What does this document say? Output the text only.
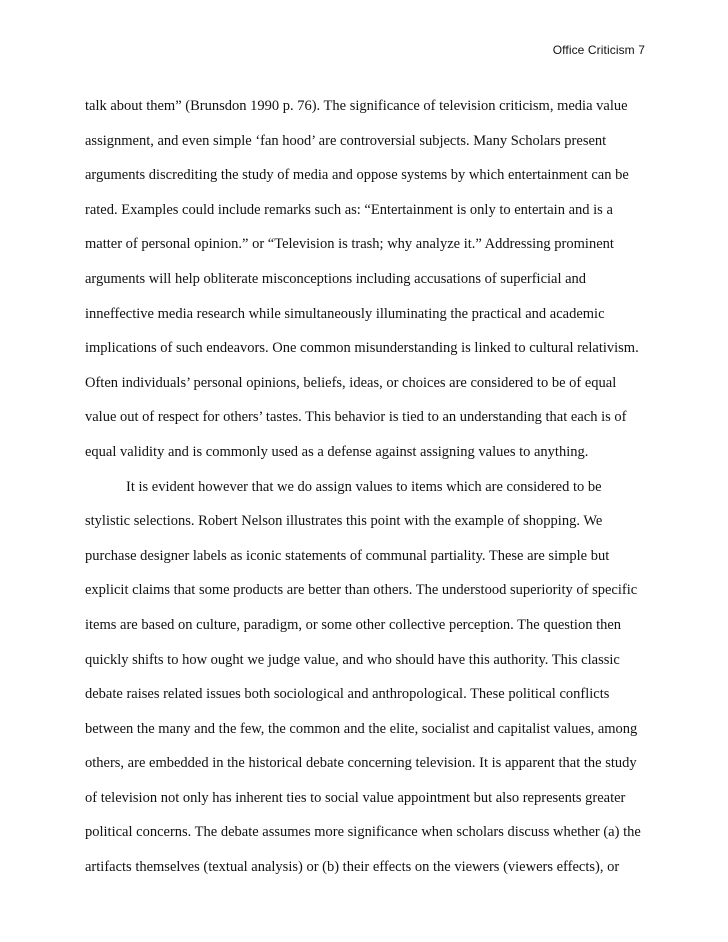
Office Criticism 7
talk about them” (Brunsdon 1990 p. 76). The significance of television criticism, media value
assignment, and even simple ‘fan hood’ are controversial subjects. Many Scholars present
arguments discrediting the study of media and oppose systems by which entertainment can be
rated. Examples could include remarks such as: “Entertainment is only to entertain and is a
matter of personal opinion.” or “Television is trash; why analyze it.” Addressing prominent
arguments will help obliterate misconceptions including accusations of superficial and
inneffective media research while simultaneously illuminating the practical and academic
implications of such endeavors. One common misunderstanding is linked to cultural relativism.
Often individuals’ personal opinions, beliefs, ideas, or choices are considered to be of equal
value out of respect for others’ tastes. This behavior is tied to an understanding that each is of
equal validity and is commonly used as a defense against assigning values to anything.
It is evident however that we do assign values to items which are considered to be
stylistic selections. Robert Nelson illustrates this point with the example of shopping. We
purchase designer labels as iconic statements of communal partiality. These are simple but
explicit claims that some products are better than others. The understood superiority of specific
items are based on culture, paradigm, or some other collective perception. The question then
quickly shifts to how ought we judge value, and who should have this authority. This classic
debate raises related issues both sociological and anthropological. These political conflicts
between the many and the few, the common and the elite, socialist and capitalist values, among
others, are embedded in the historical debate concerning television. It is apparent that the study
of television not only has inherent ties to social value appointment but also represents greater
political concerns. The debate assumes more significance when scholars discuss whether (a) the
artifacts themselves (textual analysis) or (b) their effects on the viewers (viewers effects), or
